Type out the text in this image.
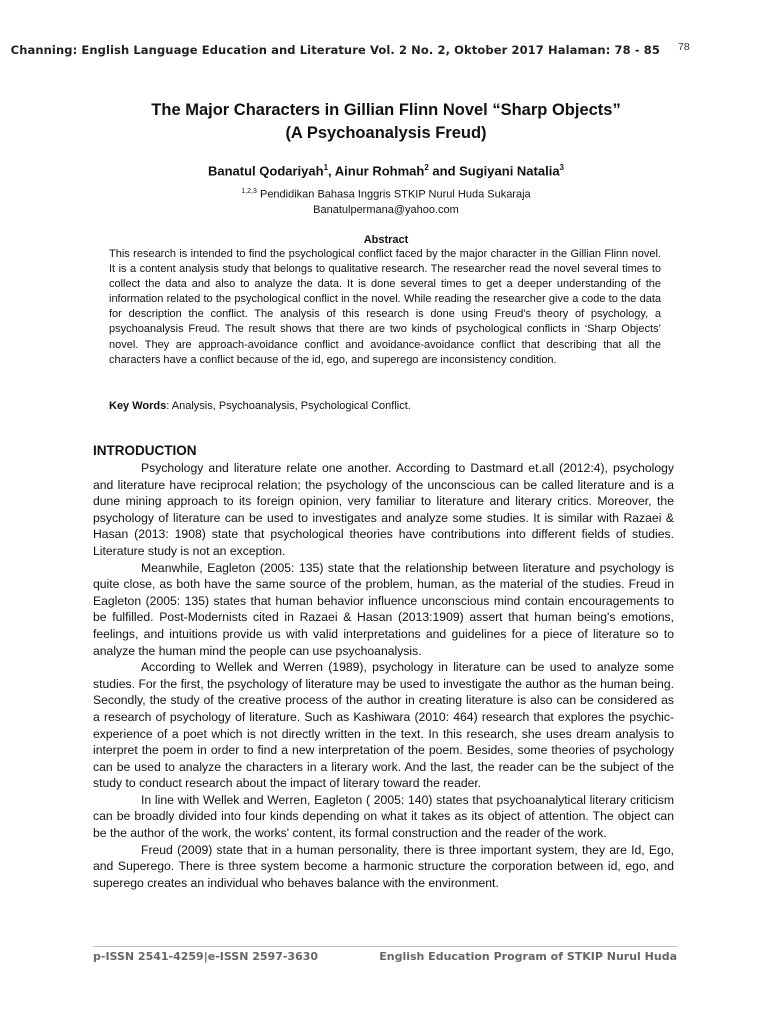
Channing: English Language Education and Literature Vol. 2 No. 2, Oktober 2017 Halaman: 78 - 85 78
The Major Characters in Gillian Flinn Novel “Sharp Objects”
(A Psychoanalysis Freud)
Banatul Qodariyah$^1$, Ainur Rohmah$^2$ and Sugiyani Natalia$^3$
$^{1,2,3}$ Pendidikan Bahasa Inggris STKIP Nurul Huda Sukaraja
Banatulpermana@yahoo.com
Abstract
This research is intended to find the psychological conflict faced by the major character in the Gillian Flinn novel. It is a content analysis study that belongs to qualitative research. The researcher read the novel several times to collect the data and also to analyze the data. It is done several times to get a deeper understanding of the information related to the psychological conflict in the novel. While reading the researcher give a code to the data for description the conflict. The analysis of this research is done using Freud's theory of psychology, a psychoanalysis Freud. The result shows that there are two kinds of psychological conflicts in ‘Sharp Objects’ novel. They are approach-avoidance conflict and avoidance-avoidance conflict that describing that all the characters have a conflict because of the id, ego, and superego are inconsistency condition.
Key Words: Analysis, Psychoanalysis, Psychological Conflict.
INTRODUCTION

Psychology and literature relate one another. According to Dastmard et.all (2012:4), psychology and literature have reciprocal relation; the psychology of the unconscious can be called literature and is a dune mining approach to its foreign opinion, very familiar to literature and literary critics. Moreover, the psychology of literature can be used to investigates and analyze some studies. It is similar with Razaei & Hasan (2013: 1908) state that psychological theories have contributions into different fields of studies. Literature study is not an exception.

Meanwhile, Eagleton (2005: 135) state that the relationship between literature and psychology is quite close, as both have the same source of the problem, human, as the material of the studies. Freud in Eagleton (2005: 135) states that human behavior influence unconscious mind contain encouragements to be fulfilled. Post-Modernists cited in Razaei & Hasan (2013:1909) assert that human being's emotions, feelings, and intuitions provide us with valid interpretations and guidelines for a piece of literature so to analyze the human mind the people can use psychoanalysis.

According to Wellek and Werren (1989), psychology in literature can be used to analyze some studies. For the first, the psychology of literature may be used to investigate the author as the human being. Secondly, the study of the creative process of the author in creating literature is also can be considered as a research of psychology of literature. Such as Kashiwara (2010: 464) research that explores the psychic-experience of a poet which is not directly written in the text. In this research, she uses dream analysis to interpret the poem in order to find a new interpretation of the poem. Besides, some theories of psychology can be used to analyze the characters in a literary work. And the last, the reader can be the subject of the study to conduct research about the impact of literary toward the reader.

In line with Wellek and Werren, Eagleton ( 2005: 140) states that psychoanalytical literary criticism can be broadly divided into four kinds depending on what it takes as its object of attention. The object can be the author of the work, the works' content, its formal construction and the reader of the work.

Freud (2009) state that in a human personality, there is three important system, they are Id, Ego, and Superego. There is three system become a harmonic structure the corporation between id, ego, and superego creates an individual who behaves balance with the environment.

p-ISSN 2541-4259|e-ISSN 2597-3630	English Education Program of STKIP Nurul Huda
